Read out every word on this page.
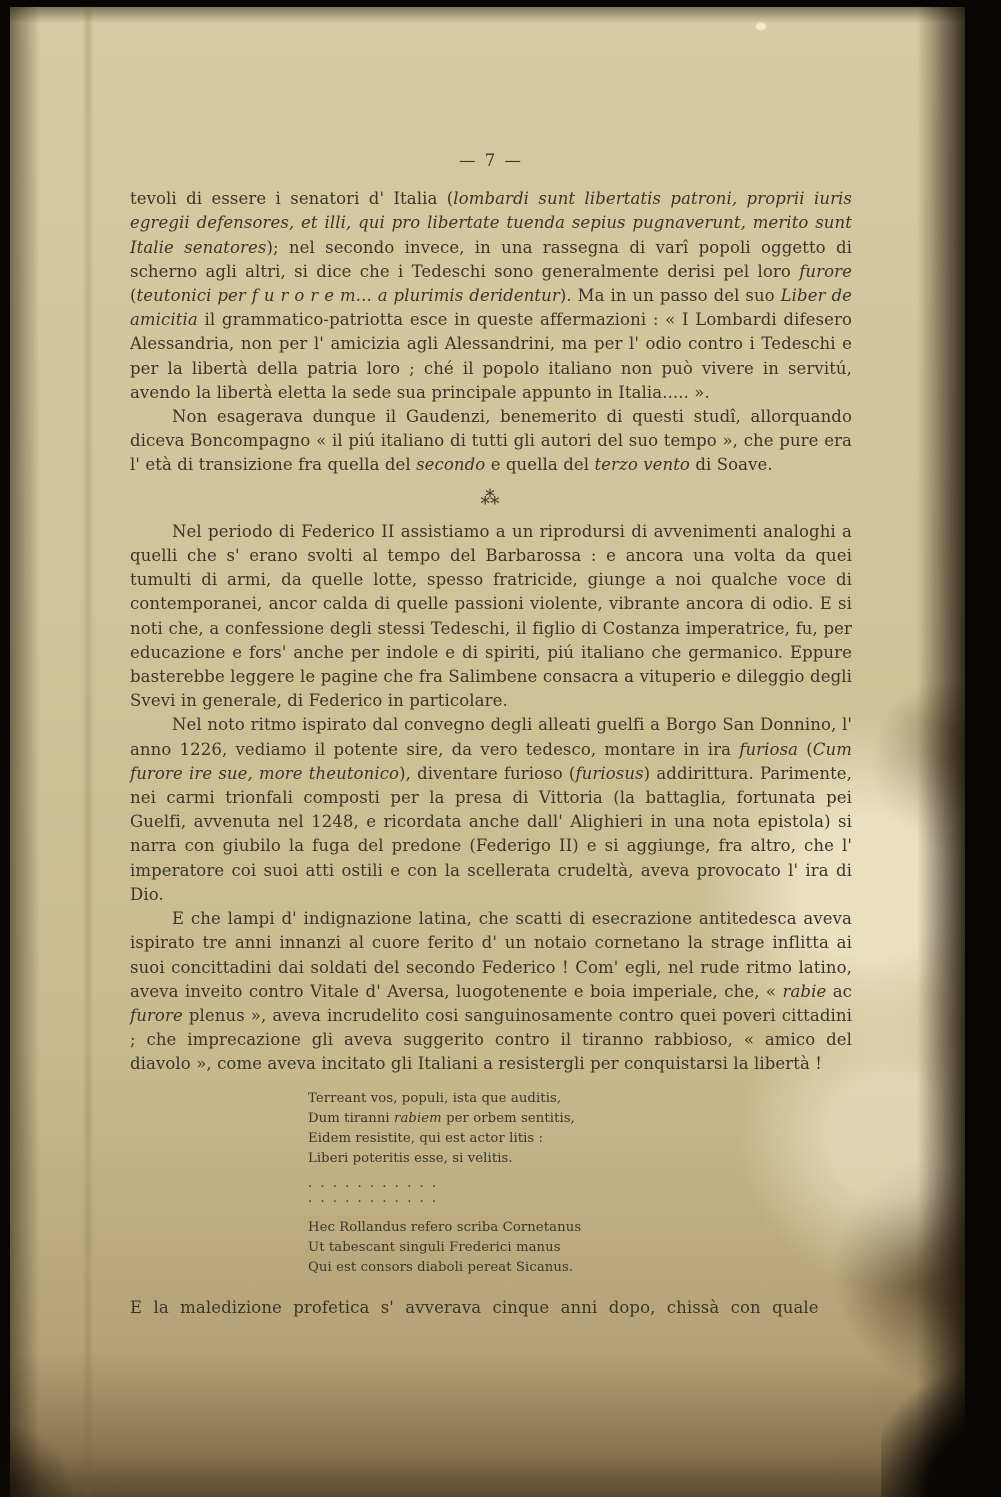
— 7 —

tevoli di essere i senatori d' Italia (lombardi sunt libertatis patroni, proprii iuris egregii defensores, et illi, qui pro libertate tuenda sepius pugnaverunt, merito sunt Italie senatores); nel secondo invece, in una rassegna di varî popoli oggetto di scherno agli altri, si dice che i Tedeschi sono generalmente derisi pel loro furore (teutonici per f u r o r e m... a plurimis deridentur). Ma in un passo del suo Liber de amicitia il grammatico-patriotta esce in queste affermazioni : « I Lombardi difesero Alessandria, non per l' amicizia agli Alessandrini, ma per l' odio contro i Tedeschi e per la libertà della patria loro ; ché il popolo italiano non può vivere in servitú, avendo la libertà eletta la sede sua principale appunto in Italia..... ».

Non esagerava dunque il Gaudenzi, benemerito di questi studî, allorquando diceva Boncompagno « il piú italiano di tutti gli autori del suo tempo », che pure era l' età di transizione fra quella del secondo e quella del terzo vento di Soave.

⁂

Nel periodo di Federico II assistiamo a un riprodursi di avvenimenti analoghi a quelli che s' erano svolti al tempo del Barbarossa : e ancora una volta da quei tumulti di armi, da quelle lotte, spesso fratricide, giunge a noi qualche voce di contemporanei, ancor calda di quelle passioni violente, vibrante ancora di odio. E si noti che, a confessione degli stessi Tedeschi, il figlio di Costanza imperatrice, fu, per educazione e fors' anche per indole e di spiriti, piú italiano che germanico. Eppure basterebbe leggere le pagine che fra Salimbene consacra a vituperio e dileggio degli Svevi in generale, di Federico in particolare.

Nel noto ritmo ispirato dal convegno degli alleati guelfi a Borgo San Donnino, l' anno 1226, vediamo il potente sire, da vero tedesco, montare in ira furiosa (Cum furore ire sue, more theutonico), diventare furioso (furiosus) addirittura. Parimente, nei carmi trionfali composti per la presa di Vittoria (la battaglia, fortunata pei Guelfi, avvenuta nel 1248, e ricordata anche dall' Alighieri in una nota epistola) si narra con giubilo la fuga del predone (Federigo II) e si aggiunge, fra altro, che l' imperatore coi suoi atti ostili e con la scellerata crudeltà, aveva provocato l' ira di Dio.

E che lampi d' indignazione latina, che scatti di esecrazione antitedesca aveva ispirato tre anni innanzi al cuore ferito d' un notaio cornetano la strage inflitta ai suoi concittadini dai soldati del secondo Federico ! Com' egli, nel rude ritmo latino, aveva inveito contro Vitale d' Aversa, luogotenente e boia imperiale, che, « rabie ac furore plenus », aveva incrudelito cosi sanguinosamente contro quei poveri cittadini ; che imprecazione gli aveva suggerito contro il tiranno rabbioso, « amico del diavolo », come aveva incitato gli Italiani a resistergli per conquistarsi la libertà !

Terreant vos, populi, ista que auditis,
Dum tiranni rabiem per orbem sentitis,
Eidem resistite, qui est actor litis :
Liberi poteritis esse, si velitis.
. . . . . . . . . . .
. . . . . . . . . . .
Hec Rollandus refero scriba Cornetanus
Ut tabescant singuli Frederici manus
Qui est consors diaboli pereat Sicanus.

E la maledizione profetica s' avverava cinque anni dopo, chissà con quale
